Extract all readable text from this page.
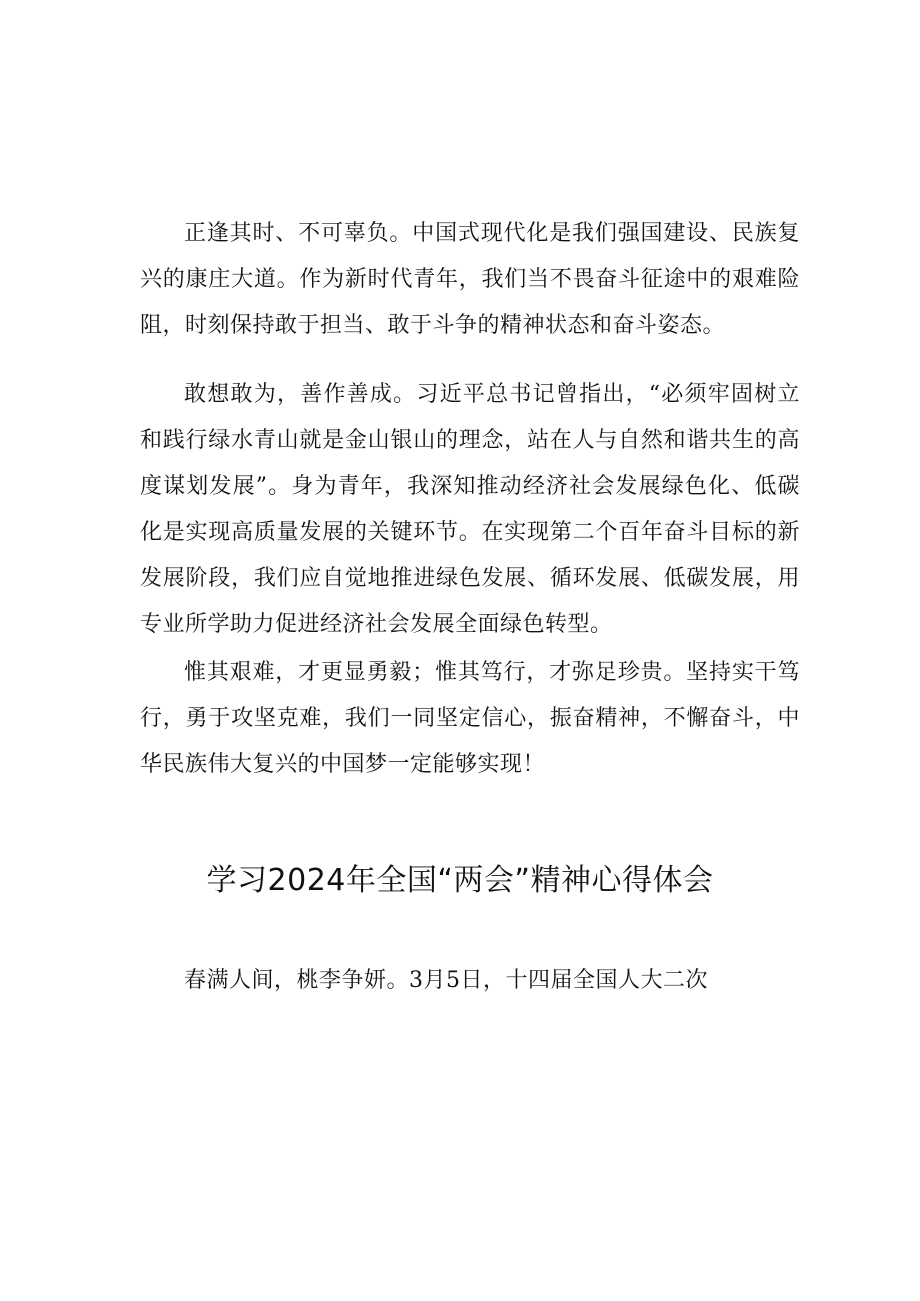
正逢其时、不可辜负。中国式现代化是我们强国建设、民族复兴的康庄大道。作为新时代青年，我们当不畏奋斗征途中的艰难险阻，时刻保持敢于担当、敢于斗争的精神状态和奋斗姿态。

敢想敢为，善作善成。习近平总书记曾指出，“必须牢固树立和践行绿水青山就是金山银山的理念，站在人与自然和谐共生的高度谋划发展”。身为青年，我深知推动经济社会发展绿色化、低碳化是实现高质量发展的关键环节。在实现第二个百年奋斗目标的新发展阶段，我们应自觉地推进绿色发展、循环发展、低碳发展，用专业所学助力促进经济社会发展全面绿色转型。

惟其艰难，才更显勇毅；惟其笃行，才弥足珍贵。坚持实干笃行，勇于攻坚克难，我们一同坚定信心，振奋精神，不懈奋斗，中华民族伟大复兴的中国梦一定能够实现！

学习2024年全国“两会”精神心得体会

春满人间，桃李争妍。3月5日，十四届全国人大二次
